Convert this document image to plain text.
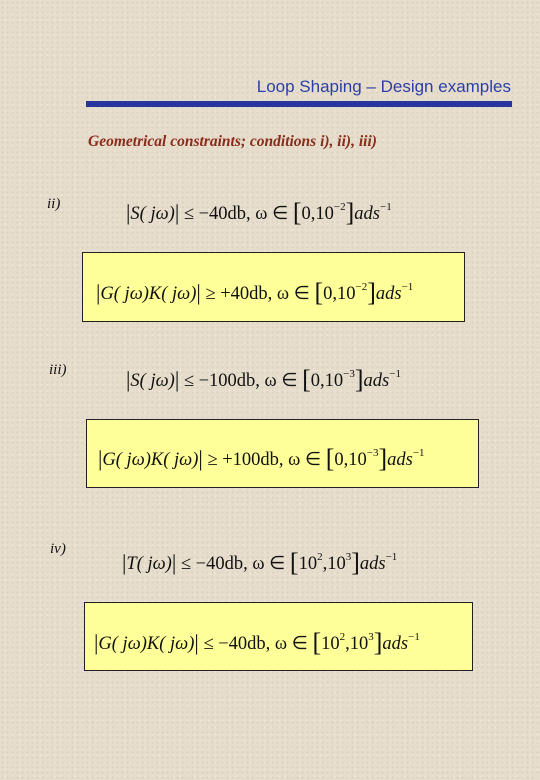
Loop Shaping – Design examples
Geometrical constraints; conditions i), ii), iii)
ii)	|S( jω)| ≤ −40db, ω ∈ $[0,10^{-2}]ads^{-1}$
|G( jω)K( jω)| ≥ +40db, ω ∈ $[0,10^{-2}]ads^{-1}$
iii)	|S( jω)| ≤ −100db, ω ∈ $[0,10^{-3}]ads^{-1}$
|G( jω)K( jω)| ≥ +100db, ω ∈ $[0,10^{-3}]ads^{-1}$
iv)
|T( jω)| ≤ −40db, ω ∈ $[10^2,10^3]ads^{-1}$
|G( jω)K( jω)| ≤ −40db, ω ∈ $[10^2,10^3]ads^{-1}$
